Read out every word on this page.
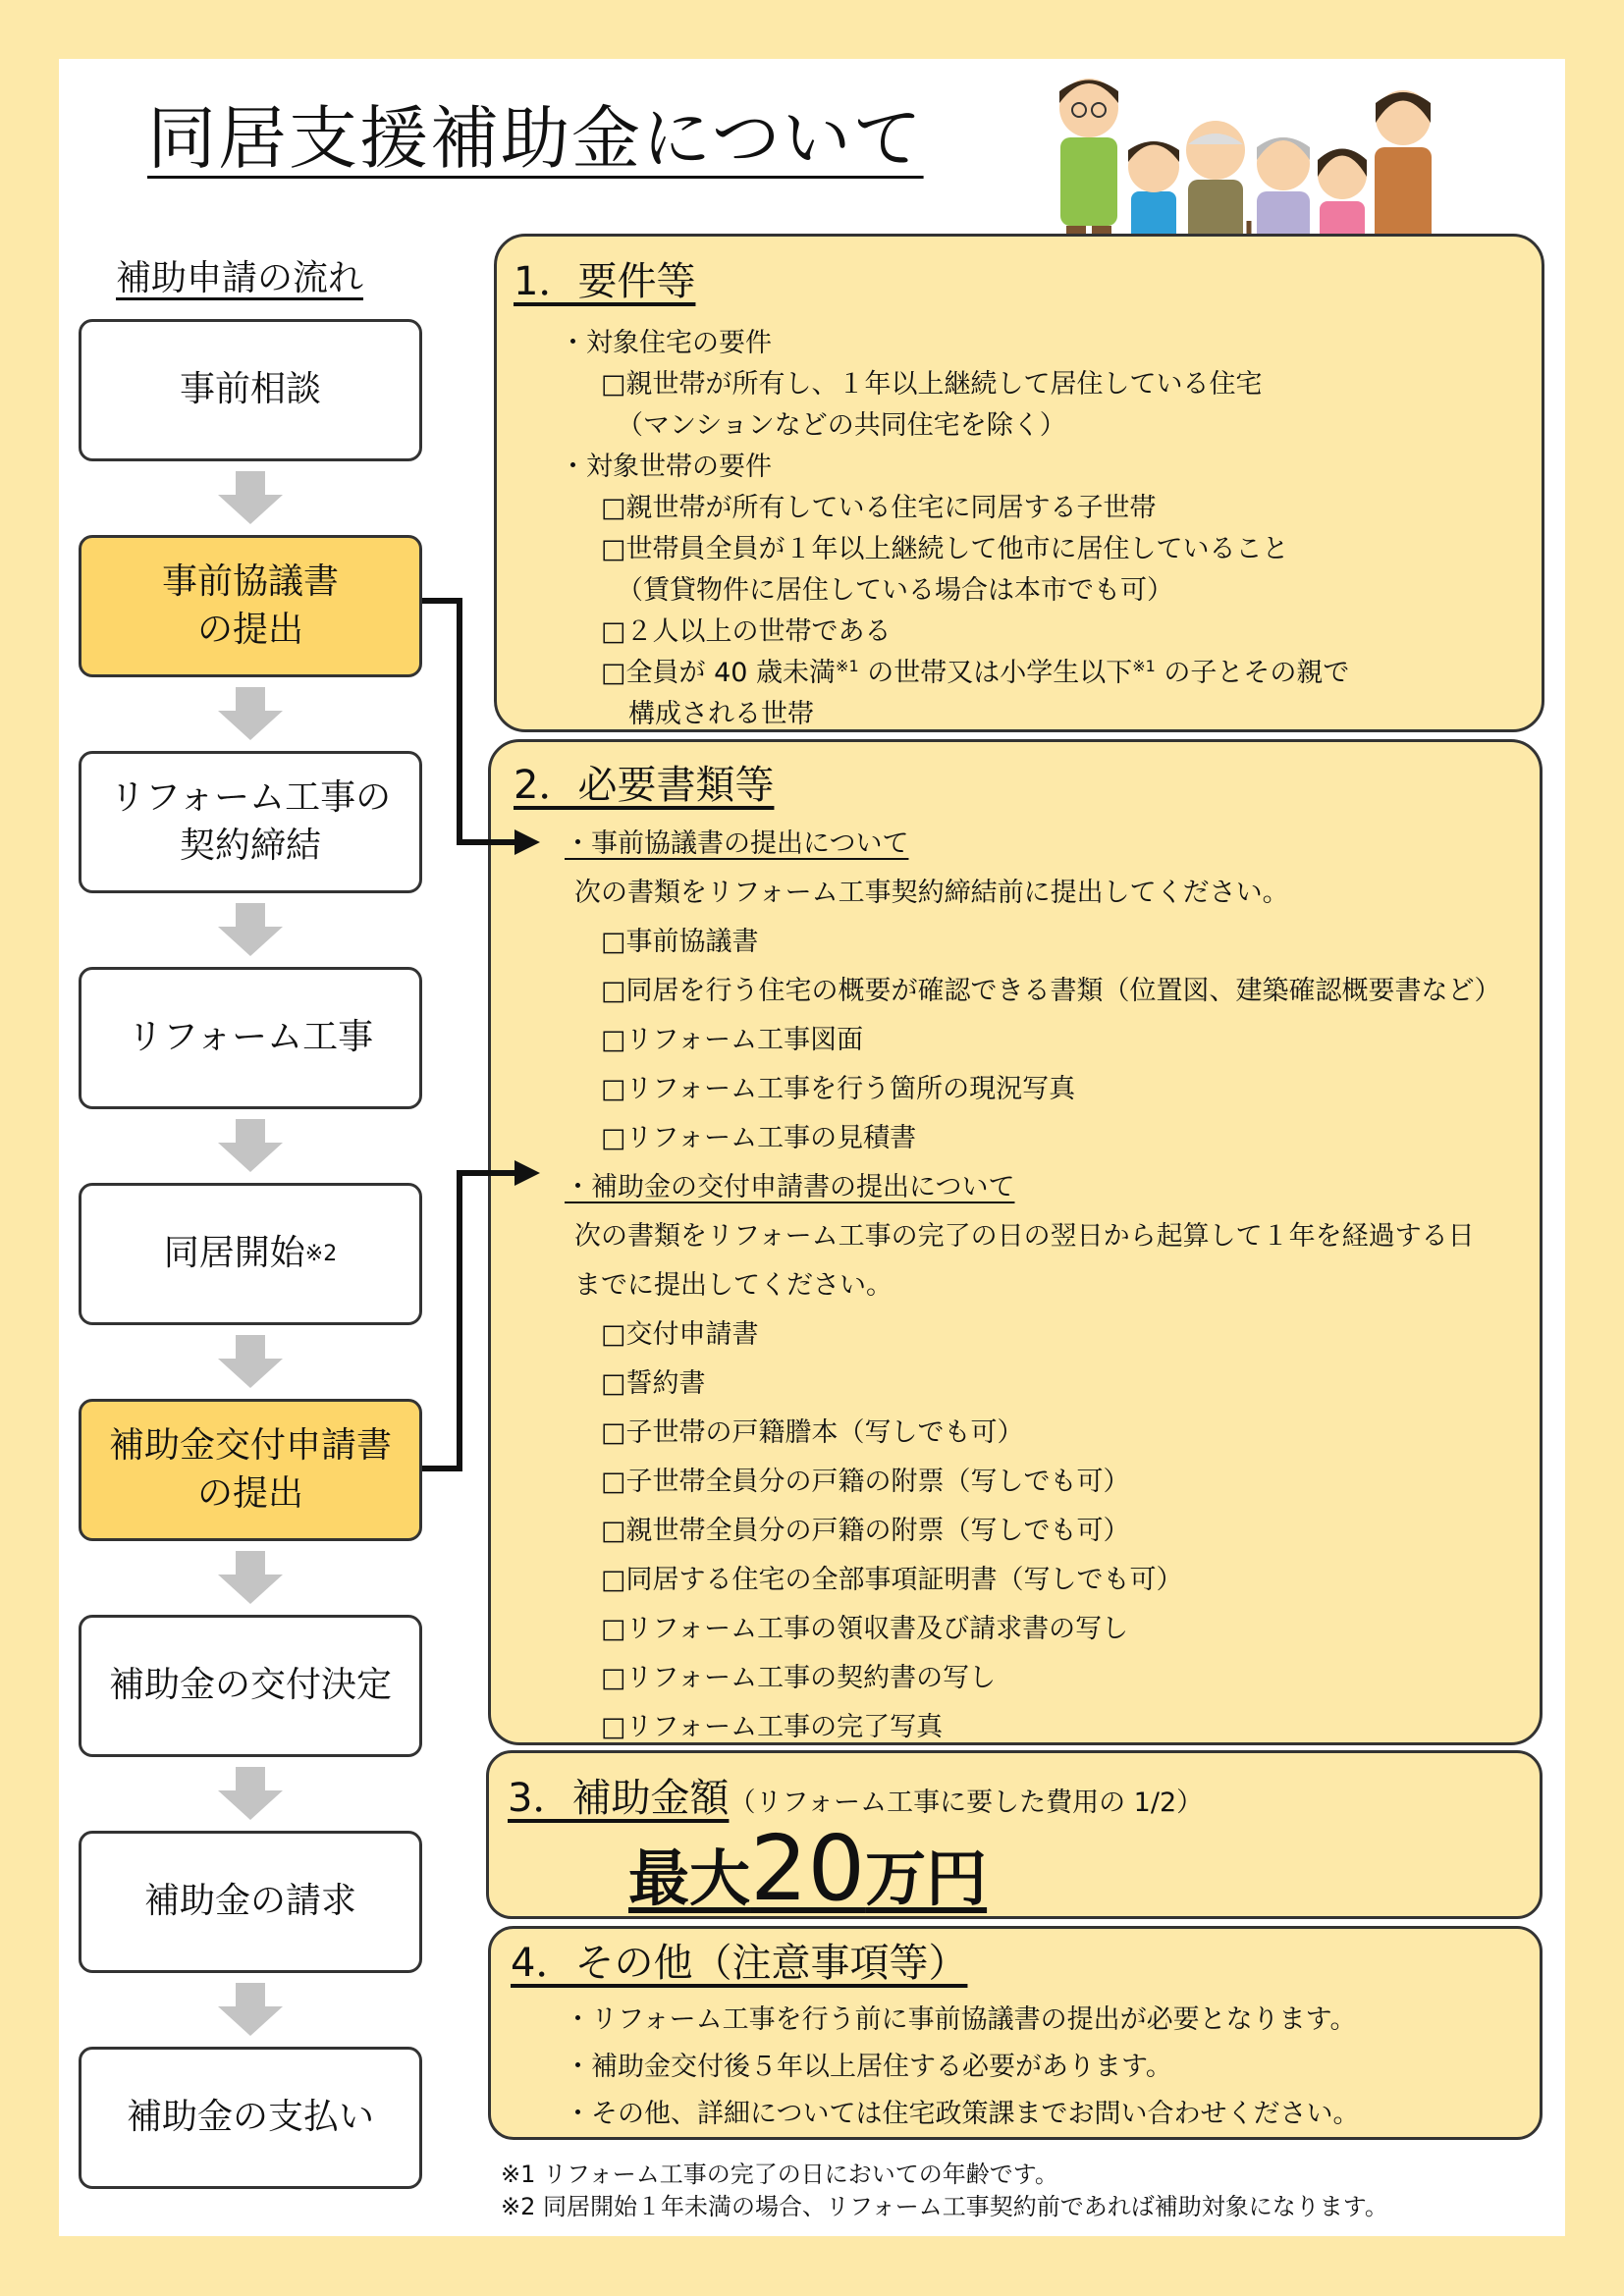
同居支援補助金について
補助申請の流れ
事前相談
事前協議書
の提出
リフォーム工事の
契約締結
リフォーム工事
同居開始 ※2
補助金交付申請書
の提出
補助金の交付決定
補助金の請求
補助金の支払い
1．要件等
・対象住宅の要件
□親世帯が所有し、１年以上継続して居住している住宅
（マンションなどの共同住宅を除く）
・対象世帯の要件
□親世帯が所有している住宅に同居する子世帯
□世帯員全員が１年以上継続して他市に居住していること
（賃貸物件に居住している場合は本市でも可）
□２人以上の世帯である
□全員が 40 歳未満$^{※1}$ の世帯又は小学生以下$^{※1}$ の子とその親で
構成される世帯
2．必要書類等
・事前協議書の提出について
次の書類をリフォーム工事契約締結前に提出してください。
□事前協議書
□同居を行う住宅の概要が確認できる書類（位置図、建築確認概要書など）
□リフォーム工事図面
□リフォーム工事を行う箇所の現況写真
□リフォーム工事の見積書
・補助金の交付申請書の提出について
次の書類をリフォーム工事の完了の日の翌日から起算して１年を経過する日
までに提出してください。
□交付申請書
□誓約書
□子世帯の戸籍謄本（写しでも可）
□子世帯全員分の戸籍の附票（写しでも可）
□親世帯全員分の戸籍の附票（写しでも可）
□同居する住宅の全部事項証明書（写しでも可）
□リフォーム工事の領収書及び請求書の写し
□リフォーム工事の契約書の写し
□リフォーム工事の完了写真
3．補助金額（リフォーム工事に要した費用の 1/2）
最大20万円
4．その他（注意事項等）
・リフォーム工事を行う前に事前協議書の提出が必要となります。
・補助金交付後５年以上居住する必要があります。
・その他、詳細については住宅政策課までお問い合わせください。
※1 リフォーム工事の完了の日においての年齢です。
※2 同居開始１年未満の場合、リフォーム工事契約前であれば補助対象になります。
